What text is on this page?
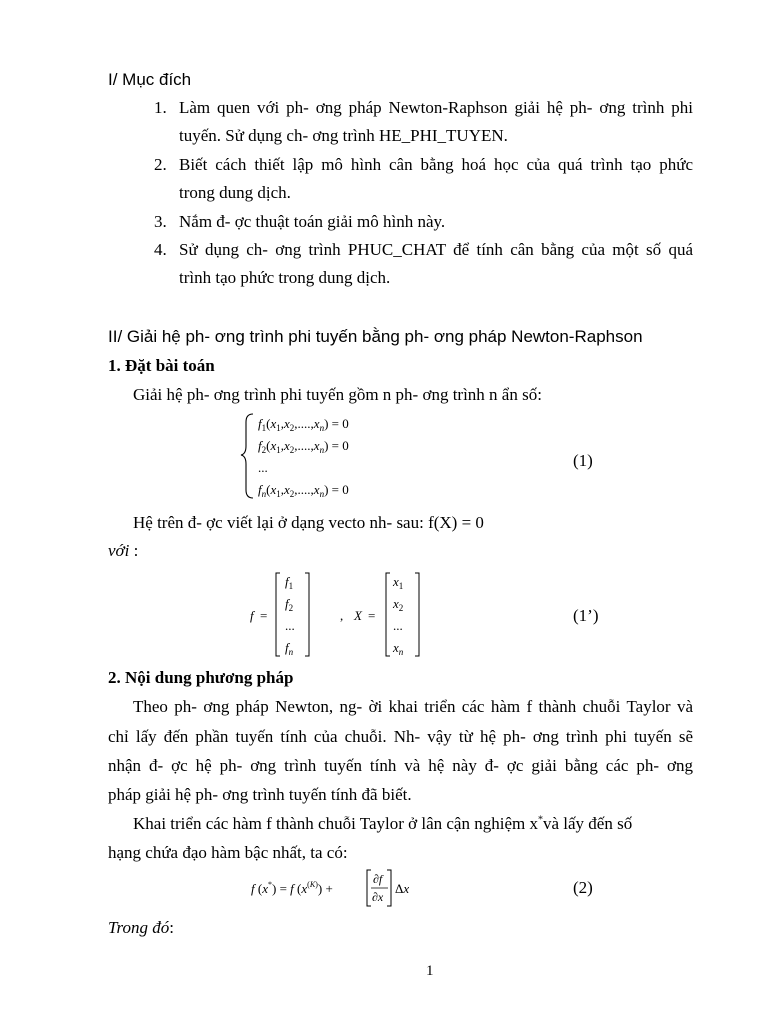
I/ Mục đích
1. Làm quen với ph- ơng pháp Newton-Raphson giải hệ ph- ơng trình phi
tuyến. Sử dụng ch- ơng trình HE_PHI_TUYEN.
2. Biết cách thiết lập mô hình cân bằng hoá học của quá trình tạo phức
trong dung dịch.
3. Nắm đ- ợc thuật toán giải mô hình này.
4. Sử dụng ch- ơng trình PHUC_CHAT để tính cân bằng của một số quá
trình tạo phức trong dung dịch.
II/ Giải hệ ph- ơng trình phi tuyến bằng ph- ơng pháp Newton-Raphson
1. Đặt bài toán
Giải hệ ph- ơng trình phi tuyến gồm n ph- ơng trình n ẩn số:
$f_1(x_1,x_2,....,x_n) = 0$
$f_2(x_1,x_2,....,x_n) = 0$
...
$f_n(x_1,x_2,....,x_n) = 0$
(1)
Hệ trên đ- ợc viết lại ở dạng vecto nh- sau: f(X) = 0
với :
f =
$f_1$
$f_2$
...
$f_n$
, X =
$x_1$
$x_2$
...
$x_n$
(1’)
2. Nội dung phương pháp
Theo ph- ơng pháp Newton, ng- ời khai triển các hàm f thành chuỗi Taylor và
chỉ lấy đến phần tuyến tính của chuỗi. Nh- vậy từ hệ ph- ơng trình phi tuyến sẽ
nhận đ- ợc hệ ph- ơng trình tuyến tính và hệ này đ- ợc giải bằng các ph- ơng
pháp giải hệ ph- ơng trình tuyến tính đã biết.
Khai triển các hàm f thành chuỗi Taylor ở lân cận nghiệm x*và lấy đến số
hạng chứa đạo hàm bậc nhất, ta có:
f (x*) = f (x(K)) +
∂f
∂x
Δx	(2)
Trong đó:
1
